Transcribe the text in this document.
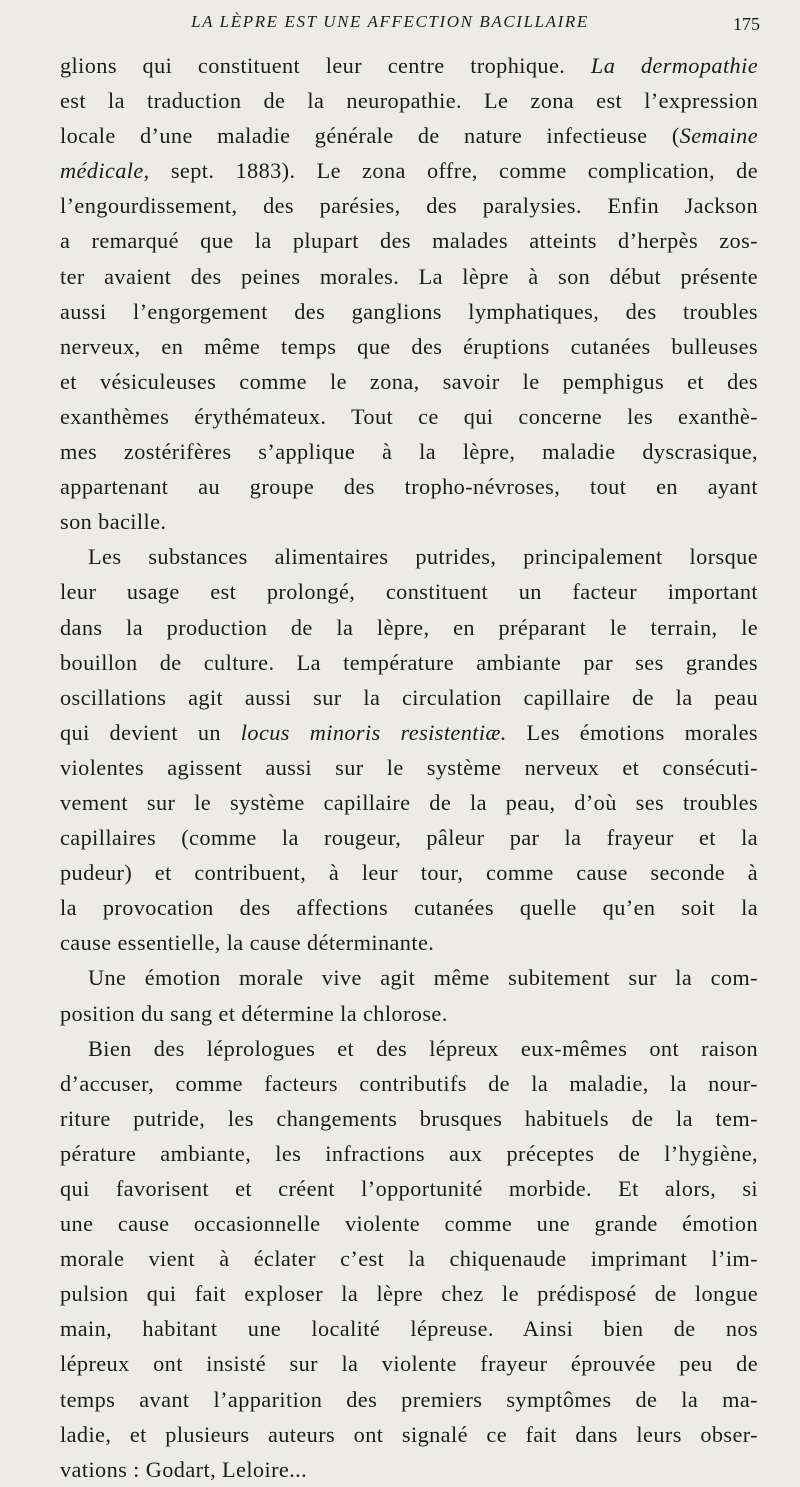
LA LÈPRE EST UNE AFFECTION BACILLAIRE	175

glions qui constituent leur centre trophique. La dermopathie
est la traduction de la neuropathie. Le zona est l’expression
locale d’une maladie générale de nature infectieuse (Semaine
médicale, sept. 1883). Le zona offre, comme complication, de
l’engourdissement, des parésies, des paralysies. Enfin Jackson
a remarqué que la plupart des malades atteints d’herpès zos-
ter avaient des peines morales. La lèpre à son début présente
aussi l’engorgement des ganglions lymphatiques, des troubles
nerveux, en même temps que des éruptions cutanées bulleuses
et vésiculeuses comme le zona, savoir le pemphigus et des
exanthèmes érythémateux. Tout ce qui concerne les exanthè-
mes zostérifères s’applique à la lèpre, maladie dyscrasique,
appartenant au groupe des tropho-névroses, tout en ayant
son bacille.

Les substances alimentaires putrides, principalement lorsque
leur usage est prolongé, constituent un facteur important
dans la production de la lèpre, en préparant le terrain, le
bouillon de culture. La température ambiante par ses grandes
oscillations agit aussi sur la circulation capillaire de la peau
qui devient un locus minoris resistentiæ. Les émotions morales
violentes agissent aussi sur le système nerveux et consécuti-
vement sur le système capillaire de la peau, d’où ses troubles
capillaires (comme la rougeur, pâleur par la frayeur et la
pudeur) et contribuent, à leur tour, comme cause seconde à
la provocation des affections cutanées quelle qu’en soit la
cause essentielle, la cause déterminante.

Une émotion morale vive agit même subitement sur la com-
position du sang et détermine la chlorose.

Bien des léprologues et des lépreux eux-mêmes ont raison
d’accuser, comme facteurs contributifs de la maladie, la nour-
riture putride, les changements brusques habituels de la tem-
pérature ambiante, les infractions aux préceptes de l’hygiène,
qui favorisent et créent l’opportunité morbide. Et alors, si
une cause occasionnelle violente comme une grande émotion
morale vient à éclater c’est la chiquenaude imprimant l’im-
pulsion qui fait exploser la lèpre chez le prédisposé de longue
main, habitant une localité lépreuse. Ainsi bien de nos
lépreux ont insisté sur la violente frayeur éprouvée peu de
temps avant l’apparition des premiers symptômes de la ma-
ladie, et plusieurs auteurs ont signalé ce fait dans leurs obser-
vations : Godart, Leloire...
